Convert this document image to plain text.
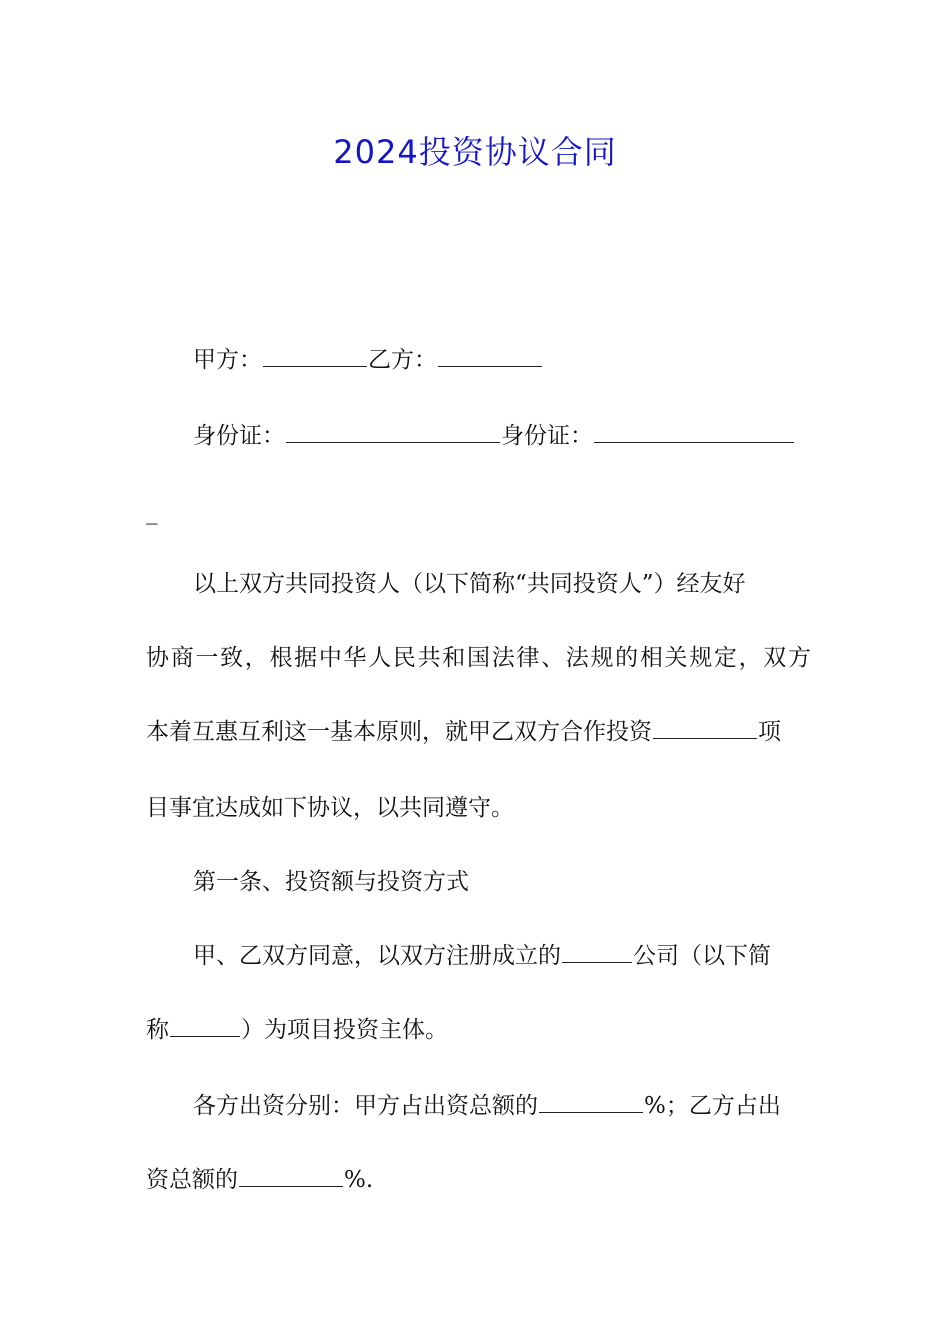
2024投资协议合同
甲方：	乙方：
身份证：	身份证：
_
以上双方共同投资人（以下简称“共同投资人”）经友好
协商一致，根据中华人民共和国法律、法规的相关规定，双方
本着互惠互利这一基本原则，就甲乙双方合作投资	项
目事宜达成如下协议，以共同遵守。
第一条、投资额与投资方式
甲、乙双方同意，以双方注册成立的	公司（以下简
称	）为项目投资主体。
各方出资分别：甲方占出资总额的	%；乙方占出
资总额的	%.
